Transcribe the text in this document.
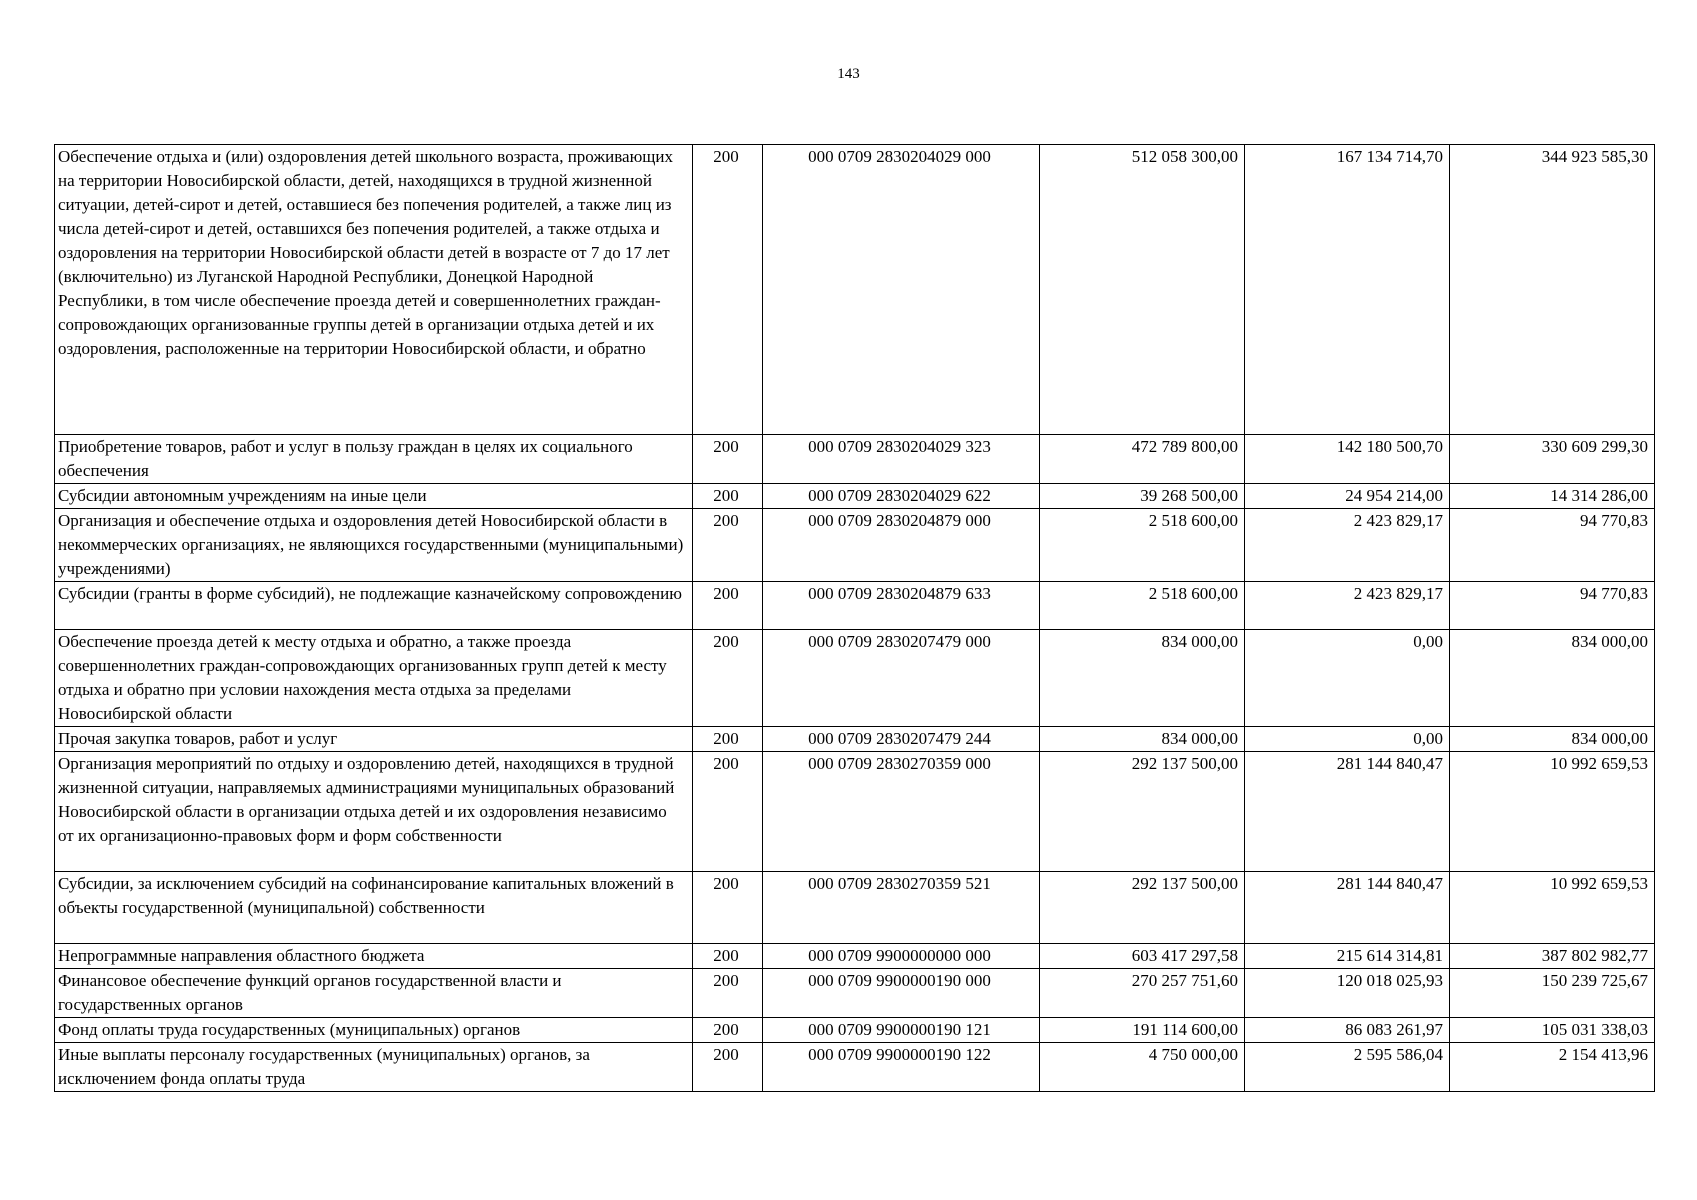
143
Обеспечение отдыха и (или) оздоровления детей школьного возраста, проживающих на территории Новосибирской области, детей, находящихся в трудной жизненной ситуации, детей-сирот и детей, оставшиеся без попечения родителей, а также лиц из числа детей-сирот и детей, оставшихся без попечения родителей, а также отдыха и оздоровления на территории Новосибирской области детей в возрасте от 7 до 17 лет (включительно) из Луганской Народной Республики, Донецкой Народной Республики, в том числе обеспечение проезда детей и совершеннолетних граждан-сопровождающих организованные группы детей в организации отдыха детей и их оздоровления, расположенные на территории Новосибирской области, и обратно	200	000 0709 2830204029 000	512 058 300,00	167 134 714,70	344 923 585,30
Приобретение товаров, работ и услуг в пользу граждан в целях их социального обеспечения	200	000 0709 2830204029 323	472 789 800,00	142 180 500,70	330 609 299,30
Субсидии автономным учреждениям на иные цели	200	000 0709 2830204029 622	39 268 500,00	24 954 214,00	14 314 286,00
Организация и обеспечение отдыха и оздоровления детей Новосибирской области в некоммерческих организациях, не являющихся государственными (муниципальными) учреждениями)	200	000 0709 2830204879 000	2 518 600,00	2 423 829,17	94 770,83
Субсидии (гранты в форме субсидий), не подлежащие казначейскому сопровождению	200	000 0709 2830204879 633	2 518 600,00	2 423 829,17	94 770,83
Обеспечение проезда детей к месту отдыха и обратно, а также проезда совершеннолетних граждан-сопровождающих организованных групп детей к месту отдыха и обратно при условии нахождения места отдыха за пределами Новосибирской области	200	000 0709 2830207479 000	834 000,00	0,00	834 000,00
Прочая закупка товаров, работ и услуг	200	000 0709 2830207479 244	834 000,00	0,00	834 000,00
Организация мероприятий по отдыху и оздоровлению детей, находящихся в трудной жизненной ситуации, направляемых администрациями муниципальных образований Новосибирской области в организации отдыха детей и их оздоровления независимо от их организационно-правовых форм и форм собственности	200	000 0709 2830270359 000	292 137 500,00	281 144 840,47	10 992 659,53
Субсидии, за исключением субсидий на софинансирование капитальных вложений в объекты государственной (муниципальной) собственности	200	000 0709 2830270359 521	292 137 500,00	281 144 840,47	10 992 659,53
Непрограммные направления областного бюджета	200	000 0709 9900000000 000	603 417 297,58	215 614 314,81	387 802 982,77
Финансовое обеспечение функций органов государственной власти и государственных органов	200	000 0709 9900000190 000	270 257 751,60	120 018 025,93	150 239 725,67
Фонд оплаты труда государственных (муниципальных) органов	200	000 0709 9900000190 121	191 114 600,00	86 083 261,97	105 031 338,03
Иные выплаты персоналу государственных (муниципальных) органов, за исключением фонда оплаты труда	200	000 0709 9900000190 122	4 750 000,00	2 595 586,04	2 154 413,96
